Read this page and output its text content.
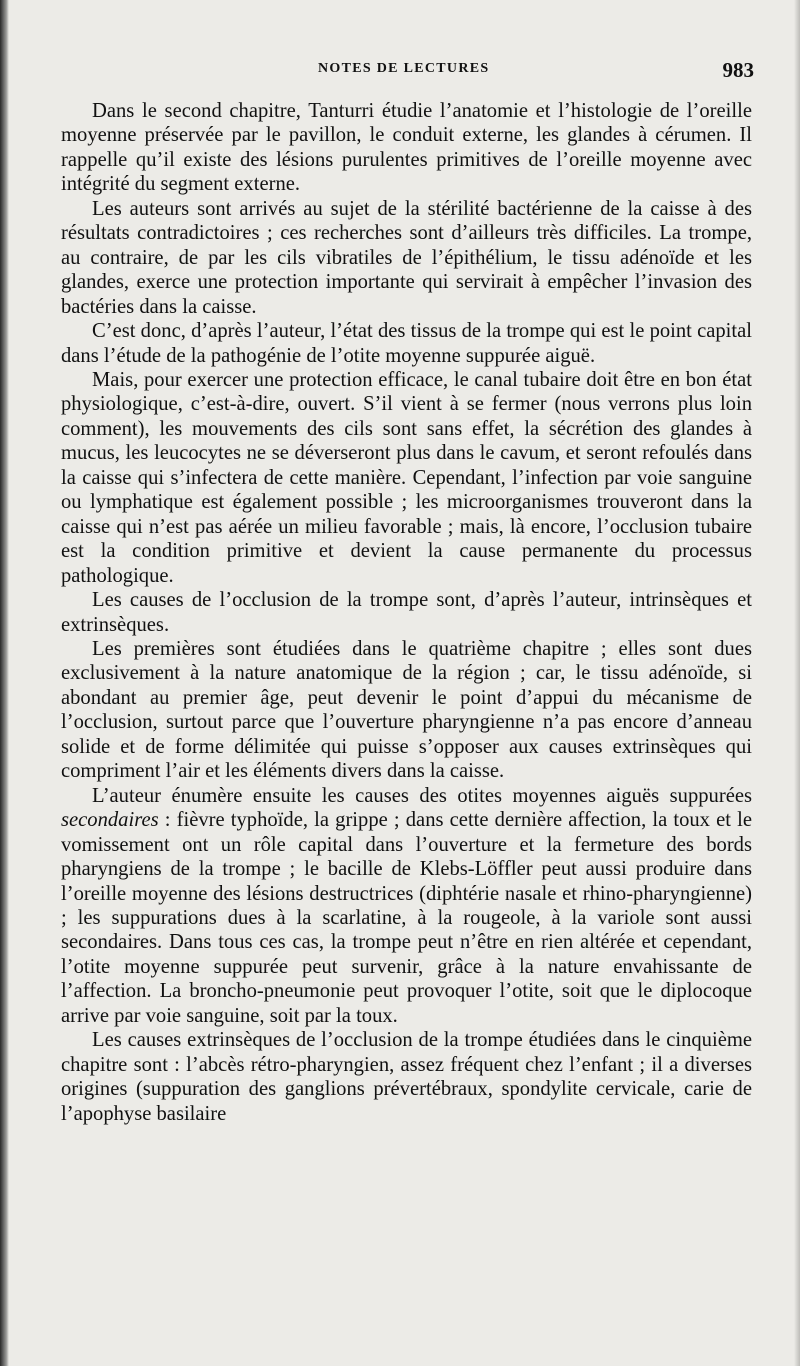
NOTES DE LECTURES	983

Dans le second chapitre, Tanturri étudie l’anatomie et l’histologie de l’oreille moyenne préservée par le pavillon, le conduit externe, les glandes à cérumen. Il rappelle qu’il existe des lésions purulentes primitives de l’oreille moyenne avec intégrité du segment externe.

Les auteurs sont arrivés au sujet de la stérilité bactérienne de la caisse à des résultats contradictoires ; ces recherches sont d’ailleurs très difficiles. La trompe, au contraire, de par les cils vibratiles de l’épithélium, le tissu adénoïde et les glandes, exerce une protection importante qui servirait à empêcher l’invasion des bactéries dans la caisse.

C’est donc, d’après l’auteur, l’état des tissus de la trompe qui est le point capital dans l’étude de la pathogénie de l’otite moyenne suppurée aiguë.

Mais, pour exercer une protection efficace, le canal tubaire doit être en bon état physiologique, c’est-à-dire, ouvert. S’il vient à se fermer (nous verrons plus loin comment), les mouvements des cils sont sans effet, la sécrétion des glandes à mucus, les leucocytes ne se déverseront plus dans le cavum, et seront refoulés dans la caisse qui s’infectera de cette manière. Cependant, l’infection par voie sanguine ou lymphatique est également possible ; les microorganismes trouveront dans la caisse qui n’est pas aérée un milieu favorable ; mais, là encore, l’occlusion tubaire est la condition primitive et devient la cause permanente du processus pathologique.

Les causes de l’occlusion de la trompe sont, d’après l’auteur, intrinsèques et extrinsèques.

Les premières sont étudiées dans le quatrième chapitre ; elles sont dues exclusivement à la nature anatomique de la région ; car, le tissu adénoïde, si abondant au premier âge, peut devenir le point d’appui du mécanisme de l’occlusion, surtout parce que l’ouverture pharyngienne n’a pas encore d’anneau solide et de forme délimitée qui puisse s’opposer aux causes extrinsèques qui compriment l’air et les éléments divers dans la caisse.

L’auteur énumère ensuite les causes des otites moyennes aiguës suppurées secondaires : fièvre typhoïde, la grippe ; dans cette dernière affection, la toux et le vomissement ont un rôle capital dans l’ouverture et la fermeture des bords pharyngiens de la trompe ; le bacille de Klebs-Löffler peut aussi produire dans l’oreille moyenne des lésions destructrices (diphtérie nasale et rhino-pharyngienne) ; les suppurations dues à la scarlatine, à la rougeole, à la variole sont aussi secondaires. Dans tous ces cas, la trompe peut n’être en rien altérée et cependant, l’otite moyenne suppurée peut survenir, grâce à la nature envahissante de l’affection. La broncho-pneumonie peut provoquer l’otite, soit que le diplocoque arrive par voie sanguine, soit par la toux.

Les causes extrinsèques de l’occlusion de la trompe étudiées dans le cinquième chapitre sont : l’abcès rétro-pharyngien, assez fréquent chez l’enfant ; il a diverses origines (suppuration des ganglions prévertébraux, spondylite cervicale, carie de l’apophyse basilaire
